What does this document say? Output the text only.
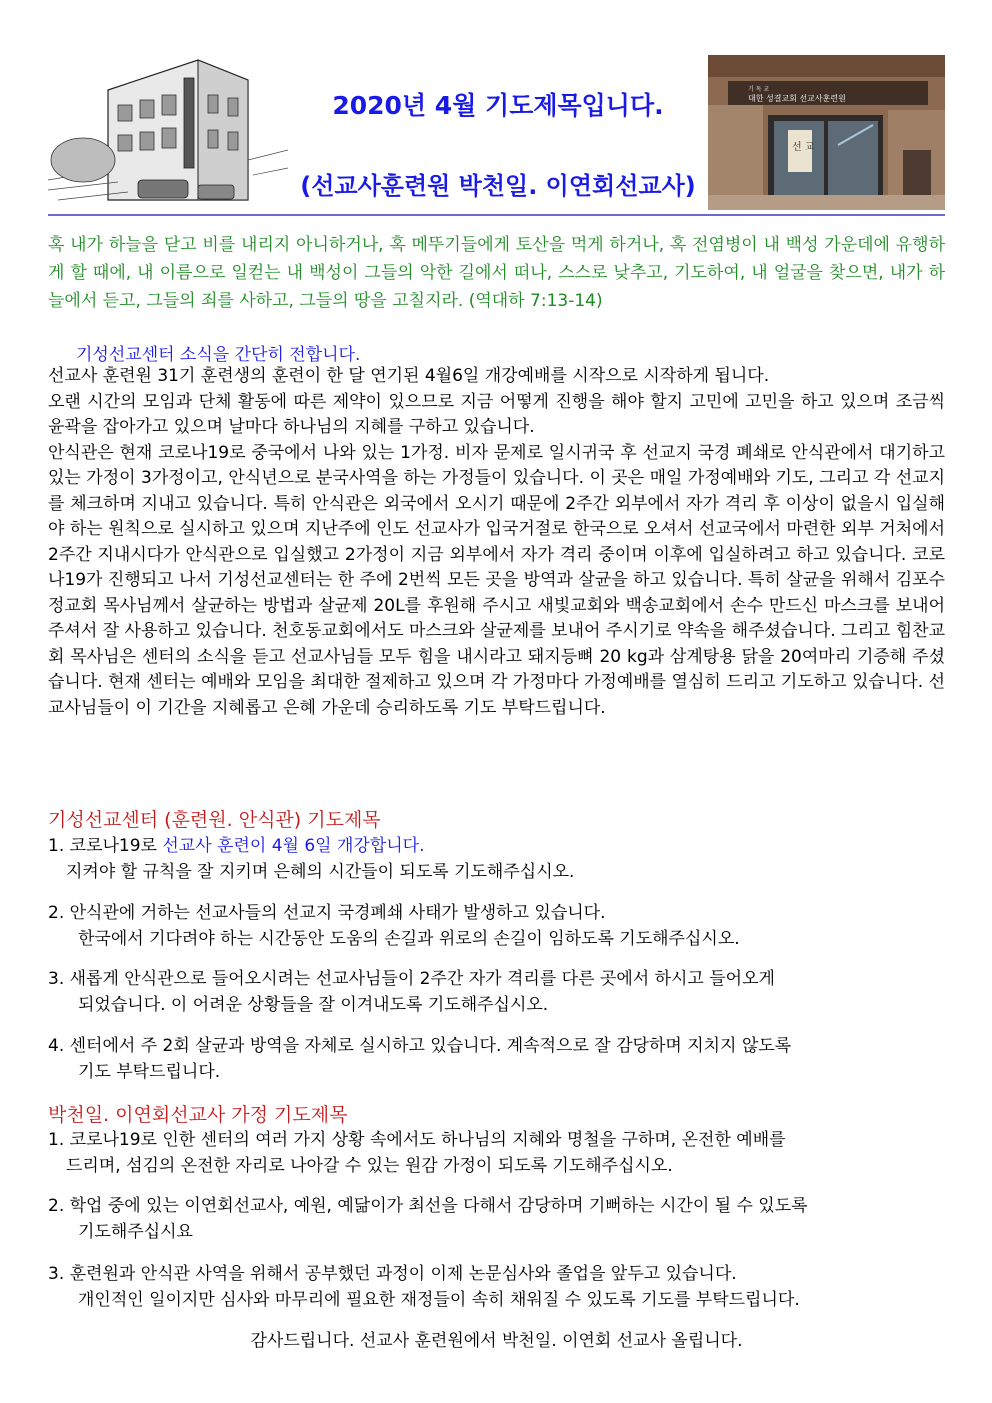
2020년 4월 기도제목입니다.
(선교사훈련원 박천일. 이연회선교사)
기 독 교
대한 성결교회 선교사훈련원
선 교
혹 내가 하늘을 닫고 비를 내리지 아니하거나, 혹 메뚜기들에게 토산을 먹게 하거나, 혹 전염병이 내 백성 가운데에 유행하게 할 때에, 내 이름으로 일컫는 내 백성이 그들의 악한 길에서 떠나, 스스로 낮추고, 기도하여, 내 얼굴을 찾으면, 내가 하늘에서 듣고, 그들의 죄를 사하고, 그들의 땅을 고칠지라. (역대하 7:13-14)
기성선교센터 소식을 간단히 전합니다.

선교사 훈련원 31기 훈련생의 훈련이 한 달 연기된 4월6일 개강예배를 시작으로 시작하게 됩니다.

오랜 시간의 모임과 단체 활동에 따른 제약이 있으므로 지금 어떻게 진행을 해야 할지 고민에 고민을 하고 있으며 조금씩 윤곽을 잡아가고 있으며 날마다 하나님의 지혜를 구하고 있습니다.

안식관은 현재 코로나19로 중국에서 나와 있는 1가정. 비자 문제로 일시귀국 후 선교지 국경 폐쇄로 안식관에서 대기하고 있는 가정이 3가정이고, 안식년으로 분국사역을 하는 가정들이 있습니다. 이 곳은 매일 가정예배와 기도, 그리고 각 선교지를 체크하며 지내고 있습니다. 특히 안식관은 외국에서 오시기 때문에 2주간 외부에서 자가 격리 후 이상이 없을시 입실해야 하는 원칙으로 실시하고 있으며 지난주에 인도 선교사가 입국거절로 한국으로 오셔서 선교국에서 마련한 외부 거처에서 2주간 지내시다가 안식관으로 입실했고 2가정이 지금 외부에서 자가 격리 중이며 이후에 입실하려고 하고 있습니다. 코로나19가 진행되고 나서 기성선교센터는 한 주에 2번씩 모든 곳을 방역과 살균을 하고 있습니다. 특히 살균을 위해서 김포수정교회 목사님께서 살균하는 방법과 살균제 20L를 후원해 주시고 새빛교회와 백송교회에서 손수 만드신 마스크를 보내어 주셔서 잘 사용하고 있습니다. 천호동교회에서도 마스크와 살균제를 보내어 주시기로 약속을 해주셨습니다. 그리고 힘찬교회 목사님은 센터의 소식을 듣고 선교사님들 모두 힘을 내시라고 돼지등뼈 20 kg과 삼계탕용 닭을 20여마리 기증해 주셨습니다. 현재 센터는 예배와 모임을 최대한 절제하고 있으며 각 가정마다 가정예배를 열심히 드리고 기도하고 있습니다. 선교사님들이 이 기간을 지혜롭고 은혜 가운데 승리하도록 기도 부탁드립니다.

기성선교센터 (훈련원. 안식관) 기도제목
1. 코로나19로 선교사 훈련이 4월 6일 개강합니다.
지켜야 할 규칙을 잘 지키며 은혜의 시간들이 되도록 기도해주십시오.
2. 안식관에 거하는 선교사들의 선교지 국경폐쇄 사태가 발생하고 있습니다.
한국에서 기다려야 하는 시간동안 도움의 손길과 위로의 손길이 임하도록 기도해주십시오.
3. 새롭게 안식관으로 들어오시려는 선교사님들이 2주간 자가 격리를 다른 곳에서 하시고 들어오게
되었습니다. 이 어려운 상황들을 잘 이겨내도록 기도해주십시오.
4. 센터에서 주 2회 살균과 방역을 자체로 실시하고 있습니다. 계속적으로 잘 감당하며 지치지 않도록
기도 부탁드립니다.
박천일. 이연회선교사 가정 기도제목
1. 코로나19로 인한 센터의 여러 가지 상황 속에서도 하나님의 지혜와 명철을 구하며, 온전한 예배를
드리며, 섬김의 온전한 자리로 나아갈 수 있는 원감 가정이 되도록 기도해주십시오.
2. 학업 중에 있는 이연회선교사, 예원, 예닮이가 최선을 다해서 감당하며 기뻐하는 시간이 될 수 있도록
기도해주십시요
3. 훈련원과 안식관 사역을 위해서 공부했던 과정이 이제 논문심사와 졸업을 앞두고 있습니다.
개인적인 일이지만 심사와 마무리에 필요한 재정들이 속히 채워질 수 있도록 기도를 부탁드립니다.
감사드립니다. 선교사 훈련원에서 박천일. 이연회 선교사 올립니다.
